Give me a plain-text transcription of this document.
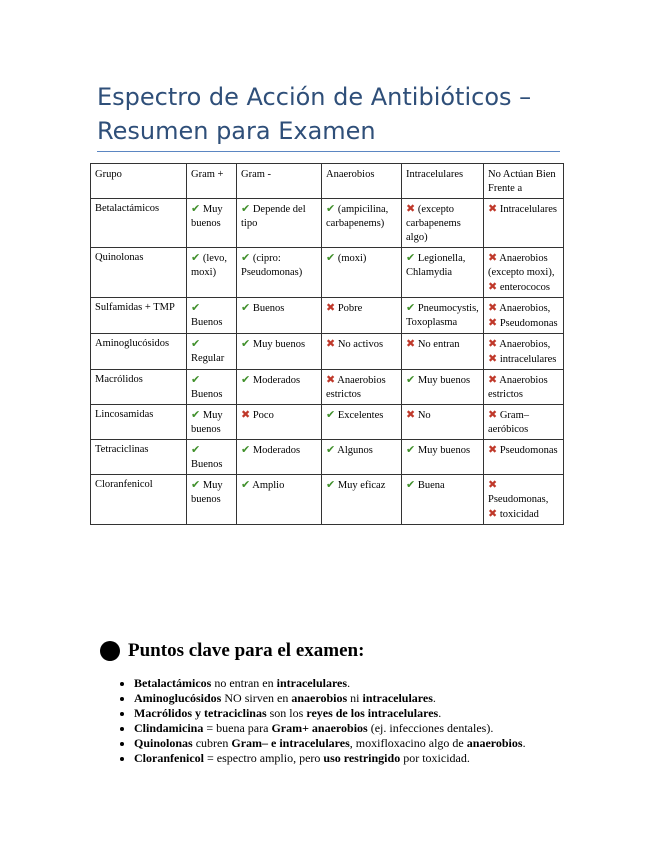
Espectro de Acción de Antibióticos –
Resumen para Examen
Grupo	Gram +	Gram -	Anaerobios	Intracelulares	No Actúan Bien Frente a
Betalactámicos	✔ Muy buenos	✔ Depende del tipo	✔ (ampicilina, carbapenems)	✖ (excepto carbapenems algo)	✖ Intracelulares
Quinolonas	✔ (levo, moxi)	✔ (cipro: Pseudomonas)	✔ (moxi)	✔ Legionella, Chlamydia	✖ Anaerobios (excepto moxi), ✖ enterococos
Sulfamidas + TMP	✔ Buenos	✔ Buenos	✖ Pobre	✔ Pneumocystis, Toxoplasma	✖ Anaerobios, ✖ Pseudomonas
Aminoglucósidos	✔ Regular	✔ Muy buenos	✖ No activos	✖ No entran	✖ Anaerobios, ✖ intracelulares
Macrólidos	✔ Buenos	✔ Moderados	✖ Anaerobios estrictos	✔ Muy buenos	✖ Anaerobios estrictos
Lincosamidas	✔ Muy buenos	✖ Poco	✔ Excelentes	✖ No	✖ Gram– aeróbicos
Tetraciclinas	✔ Buenos	✔ Moderados	✔ Algunos	✔ Muy buenos	✖ Pseudomonas
Cloranfenicol	✔ Muy buenos	✔ Amplio	✔ Muy eficaz	✔ Buena	✖ Pseudomonas, ✖ toxicidad
Puntos clave para el examen:
• Betalactámicos no entran en intracelulares.
• Aminoglucósidos NO sirven en anaerobios ni intracelulares.
• Macrólidos y tetraciclinas son los reyes de los intracelulares.
• Clindamicina = buena para Gram+ anaerobios (ej. infecciones dentales).
• Quinolonas cubren Gram– e intracelulares, moxifloxacino algo de anaerobios.
• Cloranfenicol = espectro amplio, pero uso restringido por toxicidad.
